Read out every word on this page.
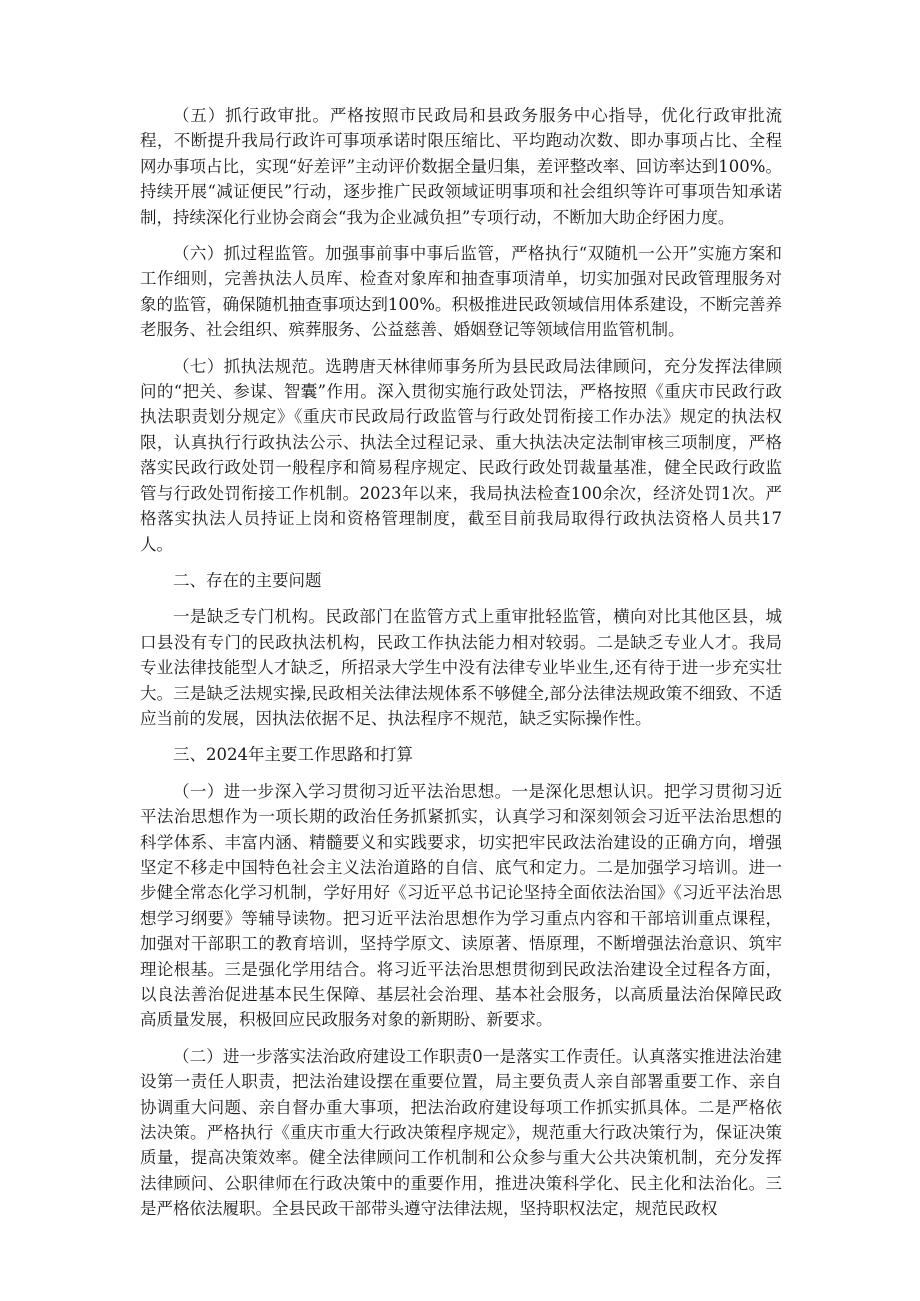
（五）抓行政审批。严格按照市民政局和县政务服务中心指导，优化行政审批流程，不断提升我局行政许可事项承诺时限压缩比、平均跑动次数、即办事项占比、全程网办事项占比，实现“好差评”主动评价数据全量归集，差评整改率、回访率达到100%。持续开展“减证便民”行动，逐步推广民政领域证明事项和社会组织等许可事项告知承诺制，持续深化行业协会商会“我为企业减负担”专项行动，不断加大助企纾困力度。

（六）抓过程监管。加强事前事中事后监管，严格执行“双随机一公开”实施方案和工作细则，完善执法人员库、检查对象库和抽查事项清单，切实加强对民政管理服务对象的监管，确保随机抽查事项达到100%。积极推进民政领域信用体系建设，不断完善养老服务、社会组织、殡葬服务、公益慈善、婚姻登记等领域信用监管机制。

（七）抓执法规范。选聘唐天林律师事务所为县民政局法律顾问，充分发挥法律顾问的“把关、参谋、智囊”作用。深入贯彻实施行政处罚法，严格按照《重庆市民政行政执法职责划分规定》《重庆市民政局行政监管与行政处罚衔接工作办法》规定的执法权限，认真执行行政执法公示、执法全过程记录、重大执法决定法制审核三项制度，严格落实民政行政处罚一般程序和简易程序规定、民政行政处罚裁量基准，健全民政行政监管与行政处罚衔接工作机制。2023年以来，我局执法检查100余次，经济处罚1次。严格落实执法人员持证上岗和资格管理制度，截至目前我局取得行政执法资格人员共17人。

二、存在的主要问题

一是缺乏专门机构。民政部门在监管方式上重审批轻监管，横向对比其他区县，城口县没有专门的民政执法机构，民政工作执法能力相对较弱。二是缺乏专业人才。我局专业法律技能型人才缺乏，所招录大学生中没有法律专业毕业生,还有待于进一步充实壮大。三是缺乏法规实操,民政相关法律法规体系不够健全,部分法律法规政策不细致、不适应当前的发展，因执法依据不足、执法程序不规范，缺乏实际操作性。

三、2024年主要工作思路和打算

（一）进一步深入学习贯彻习近平法治思想。一是深化思想认识。把学习贯彻习近平法治思想作为一项长期的政治任务抓紧抓实，认真学习和深刻领会习近平法治思想的科学体系、丰富内涵、精髓要义和实践要求，切实把牢民政法治建设的正确方向，增强坚定不移走中国特色社会主义法治道路的自信、底气和定力。二是加强学习培训。进一步健全常态化学习机制，学好用好《习近平总书记论坚持全面依法治国》《习近平法治思想学习纲要》等辅导读物。把习近平法治思想作为学习重点内容和干部培训重点课程，加强对干部职工的教育培训，坚持学原文、读原著、悟原理，不断增强法治意识、筑牢理论根基。三是强化学用结合。将习近平法治思想贯彻到民政法治建设全过程各方面，以良法善治促进基本民生保障、基层社会治理、基本社会服务，以高质量法治保障民政高质量发展，积极回应民政服务对象的新期盼、新要求。

（二）进一步落实法治政府建设工作职责0一是落实工作责任。认真落实推进法治建设第一责任人职责，把法治建设摆在重要位置，局主要负责人亲自部署重要工作、亲自协调重大问题、亲自督办重大事项，把法治政府建设每项工作抓实抓具体。二是严格依法决策。严格执行《重庆市重大行政决策程序规定》，规范重大行政决策行为，保证决策质量，提高决策效率。健全法律顾问工作机制和公众参与重大公共决策机制，充分发挥法律顾问、公职律师在行政决策中的重要作用，推进决策科学化、民主化和法治化。三是严格依法履职。全县民政干部带头遵守法律法规，坚持职权法定，规范民政权
